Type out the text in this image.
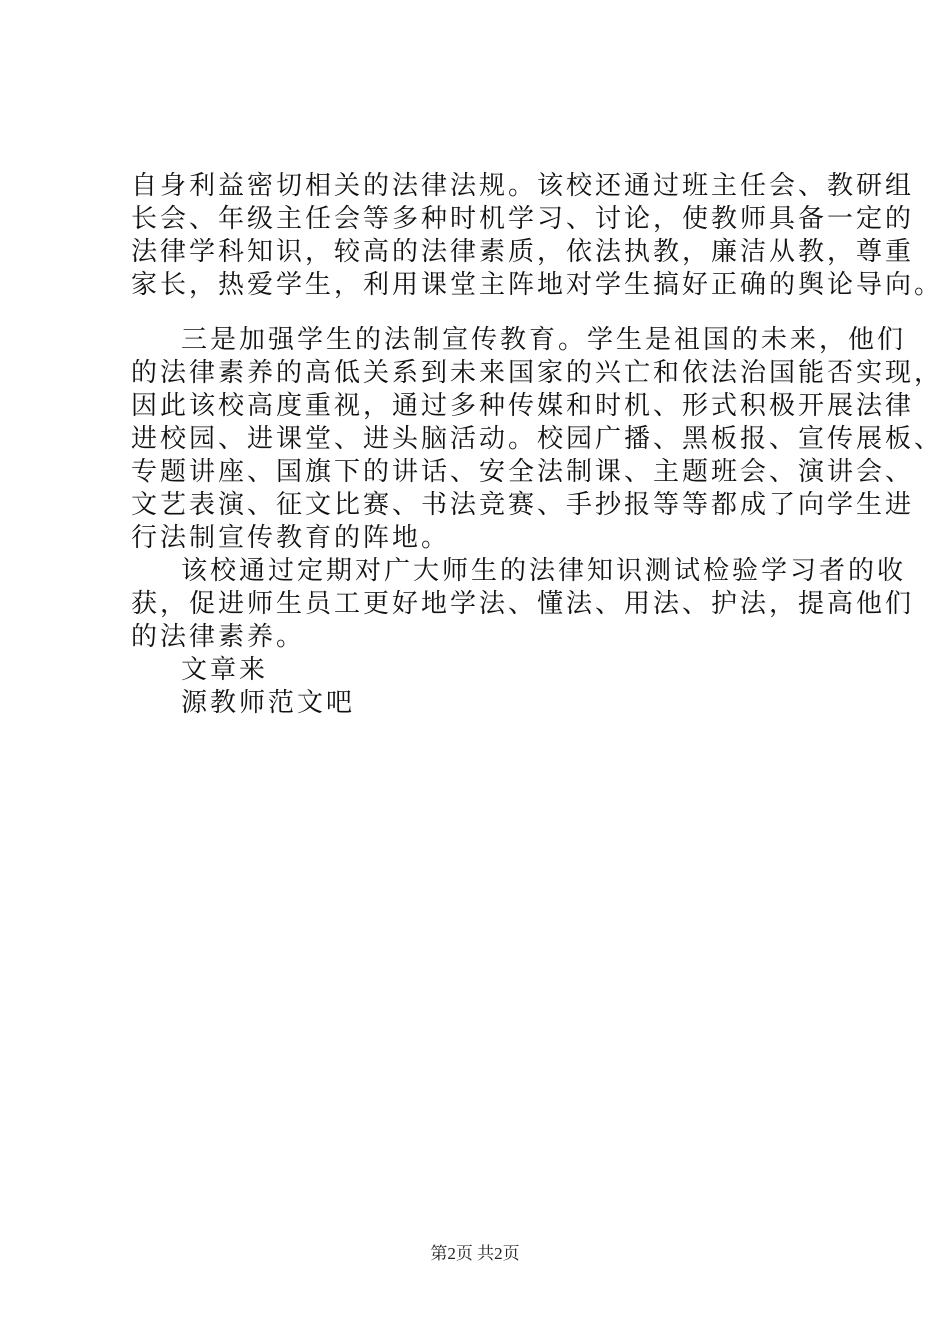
自身利益密切相关的法律法规。该校还通过班主任会、教研组
长会、年级主任会等多种时机学习、讨论，使教师具备一定的
法律学科知识，较高的法律素质，依法执教，廉洁从教，尊重
家长，热爱学生，利用课堂主阵地对学生搞好正确的舆论导向。
三是加强学生的法制宣传教育。学生是祖国的未来，他们
的法律素养的高低关系到未来国家的兴亡和依法治国能否实现，
因此该校高度重视，通过多种传媒和时机、形式积极开展法律
进校园、进课堂、进头脑活动。校园广播、黑板报、宣传展板、
专题讲座、国旗下的讲话、安全法制课、主题班会、演讲会、
文艺表演、征文比赛、书法竞赛、手抄报等等都成了向学生进
行法制宣传教育的阵地。
该校通过定期对广大师生的法律知识测试检验学习者的收
获，促进师生员工更好地学法、懂法、用法、护法，提高他们
的法律素养。
文章来
源教师范文吧
第2页 共2页
